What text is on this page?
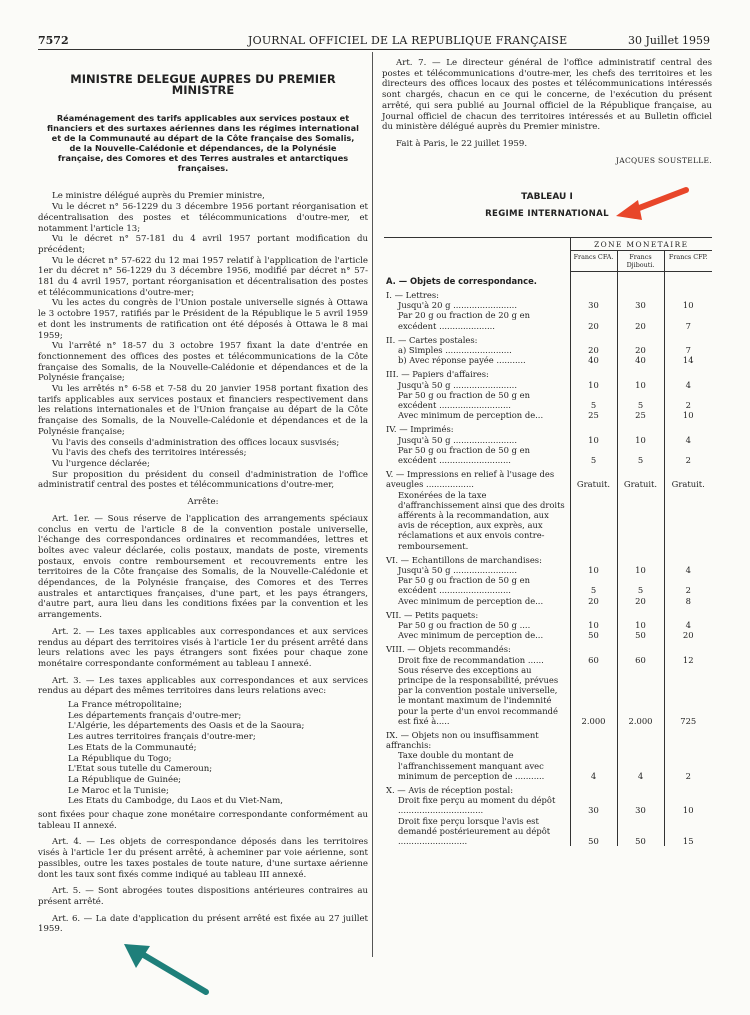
7572	JOURNAL OFFICIEL DE LA REPUBLIQUE FRANÇAISE	30 Juillet 1959
MINISTRE DELEGUE AUPRES DU PREMIER MINISTRE
Réaménagement des tarifs applicables aux services postaux et financiers et des surtaxes aériennes dans les régimes international et de la Communauté au départ de la Côte française des Somalis, de la Nouvelle-Calédonie et dépendances, de la Polynésie française, des Comores et des Terres australes et antarctiques françaises.

Le ministre délégué auprès du Premier ministre,

Vu le décret n° 56-1229 du 3 décembre 1956 portant réorganisation et décentralisation des postes et télécommunications d'outre-mer, et notamment l'article 13;

Vu le décret n° 57-181 du 4 avril 1957 portant modification du précédent;

Vu le décret n° 57-622 du 12 mai 1957 relatif à l'application de l'article 1er du décret n° 56-1229 du 3 décembre 1956, modifié par décret n° 57-181 du 4 avril 1957, portant réorganisation et décentralisation des postes et télécommunications d'outre-mer;

Vu les actes du congrès de l'Union postale universelle signés à Ottawa le 3 octobre 1957, ratifiés par le Président de la République le 5 avril 1959 et dont les instruments de ratification ont été déposés à Ottawa le 8 mai 1959;

Vu l'arrêté n° 18-57 du 3 octobre 1957 fixant la date d'entrée en fonctionnement des offices des postes et télécommunications de la Côte française des Somalis, de la Nouvelle-Calédonie et dépendances et de la Polynésie française;

Vu les arrêtés n° 6-58 et 7-58 du 20 janvier 1958 portant fixation des tarifs applicables aux services postaux et financiers respectivement dans les relations internationales et de l'Union française au départ de la Côte française des Somalis, de la Nouvelle-Calédonie et dépendances et de la Polynésie française;

Vu l'avis des conseils d'administration des offices locaux susvisés;

Vu l'avis des chefs des territoires intéressés;

Vu l'urgence déclarée;

Sur proposition du président du conseil d'administration de l'office administratif central des postes et télécommunications d'outre-mer,

Arrête:

Art. 1er. — Sous réserve de l'application des arrangements spéciaux conclus en vertu de l'article 8 de la convention postale universelle, l'échange des correspondances ordinaires et recommandées, lettres et boîtes avec valeur déclarée, colis postaux, mandats de poste, virements postaux, envois contre remboursement et recouvrements entre les territoires de la Côte française des Somalis, de la Nouvelle-Calédonie et dépendances, de la Polynésie française, des Comores et des Terres australes et antarctiques françaises, d'une part, et les pays étrangers, d'autre part, aura lieu dans les conditions fixées par la convention et les arrangements.

Art. 2. — Les taxes applicables aux correspondances et aux services rendus au départ des territoires visés à l'article 1er du présent arrêté dans leurs relations avec les pays étrangers sont fixées pour chaque zone monétaire correspondante conformément au tableau I annexé.

Art. 3. — Les taxes applicables aux correspondances et aux services rendus au départ des mêmes territoires dans leurs relations avec:

La France métropolitaine;
Les départements français d'outre-mer;
L'Algérie, les départements des Oasis et de la Saoura;
Les autres territoires français d'outre-mer;
Les Etats de la Communauté;
La République du Togo;
L'Etat sous tutelle du Cameroun;
La République de Guinée;
Le Maroc et la Tunisie;
Les Etats du Cambodge, du Laos et du Viet-Nam,

sont fixées pour chaque zone monétaire correspondante conformément au tableau II annexé.

Art. 4. — Les objets de correspondance déposés dans les territoires visés à l'article 1er du présent arrêté, à acheminer par voie aérienne, sont passibles, outre les taxes postales de toute nature, d'une surtaxe aérienne dont les taux sont fixés comme indiqué au tableau III annexé.

Art. 5. — Sont abrogées toutes dispositions antérieures contraires au présent arrêté.

Art. 6. — La date d'application du présent arrêté est fixée au 27 juillet 1959.

Art. 7. — Le directeur général de l'office administratif central des postes et télécommunications d'outre-mer, les chefs des territoires et les directeurs des offices locaux des postes et télécommunications intéressés sont chargés, chacun en ce qui le concerne, de l'exécution du présent arrêté, qui sera publié au Journal officiel de la République française, au Journal officiel de chacun des territoires intéressés et au Bulletin officiel du ministère délégué auprès du Premier ministre.

Fait à Paris, le 22 juillet 1959.

JACQUES SOUSTELLE.
TABLEAU I
REGIME INTERNATIONAL
	ZONE MONETAIRE		
	Francs CFA.	Francs Djibouti.	Francs CFP.
A. — Objets de correspondance.			
I. — Lettres:			
Jusqu'à 20 g ........................	30	30	10
Par 20 g ou fraction de 20 g en excédent .....................	20	20	7
II. — Cartes postales:			
a) Simples .........................	20	20	7
b) Avec réponse payée ...........	40	40	14
III. — Papiers d'affaires:			
Jusqu'à 50 g ........................	10	10	4
Par 50 g ou fraction de 50 g en excédent ...........................	5	5	2
Avec minimum de perception de...	25	25	10
IV. — Imprimés:			
Jusqu'à 50 g ........................	10	10	4
Par 50 g ou fraction de 50 g en excédent ...........................	5	5	2
V. — Impressions en relief à l'usage des aveugles ..................	Gratuit.	Gratuit.	Gratuit.
Exonérées de la taxe d'affranchissement ainsi que des droits afférents à la recommandation, aux avis de réception, aux exprès, aux réclamations et aux envois contre-remboursement.			
VI. — Echantillons de marchandises:			
Jusqu'à 50 g ........................	10	10	4
Par 50 g ou fraction de 50 g en excédent ...........................	5	5	2
Avec minimum de perception de...	20	20	8
VII. — Petits paquets:			
Par 50 g ou fraction de 50 g ....	10	10	4
Avec minimum de perception de...	50	50	20
VIII. — Objets recommandés:			
Droit fixe de recommandation ......	60	60	12
Sous réserve des exceptions au principe de la responsabilité, prévues par la convention postale universelle, le montant maximum de l'indemnité pour la perte d'un envoi recommandé est fixé à.....	2.000	2.000	725
IX. — Objets non ou insuffisamment affranchis:			
Taxe double du montant de l'affranchissement manquant avec minimum de perception de ...........	4	4	2
X. — Avis de réception postal:			
Droit fixe perçu au moment du dépôt ................................	30	30	10
Droit fixe perçu lorsque l'avis est demandé postérieurement au dépôt ..........................	50	50	15
